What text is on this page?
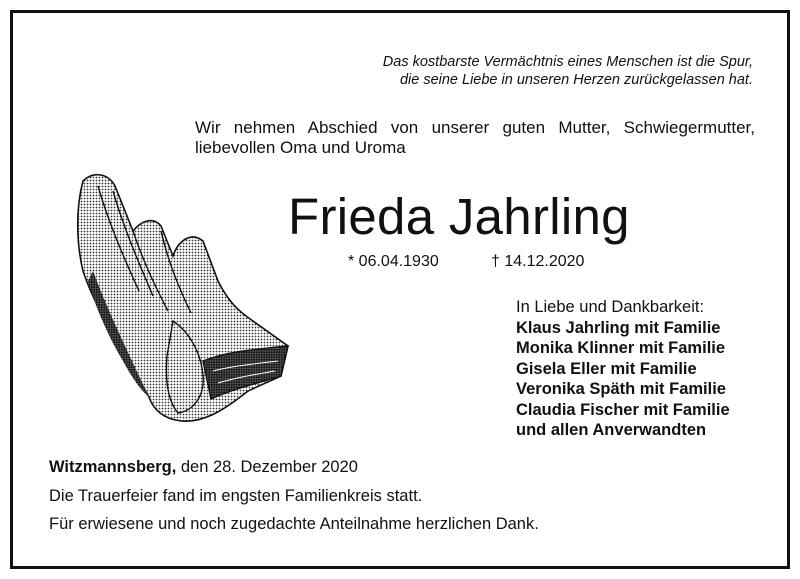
Das kostbarste Vermächtnis eines Menschen ist die Spur,
die seine Liebe in unseren Herzen zurückgelassen hat.
Wir nehmen Abschied von unserer guten Mutter, Schwiegermutter,
liebevollen Oma und Uroma
Frieda Jahrling
* 06.04.1930	† 14.12.2020
In Liebe und Dankbarkeit:
Klaus Jahrling mit Familie
Monika Klinner mit Familie
Gisela Eller mit Familie
Veronika Späth mit Familie
Claudia Fischer mit Familie
und allen Anverwandten
Witzmannsberg, den 28. Dezember 2020
Die Trauerfeier fand im engsten Familienkreis statt.
Für erwiesene und noch zugedachte Anteilnahme herzlichen Dank.
